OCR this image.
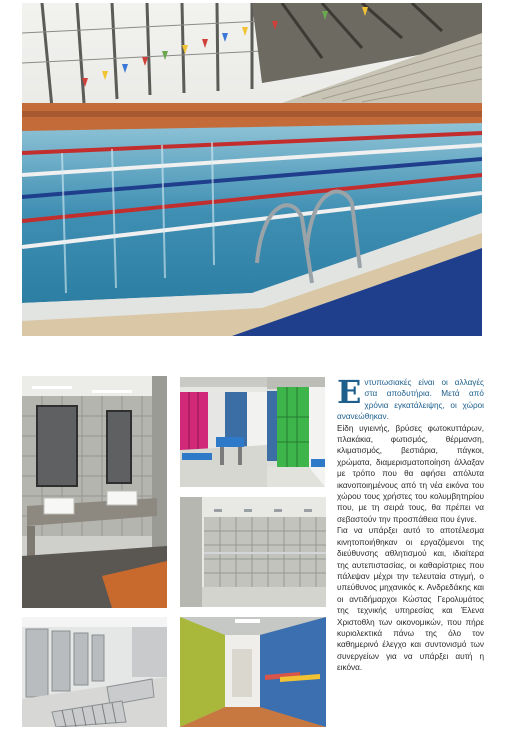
Ε ντυπωσιακές είναι οι αλλαγές στα αποδυτήρια. Μετά από χρόνια εγκατάλειψης, οι χώροι ανανεώθηκαν.

Είδη υγιεινής, βρύσες φωτοκυττάρων, πλακάκια, φωτισμός, θέρμανση, κλιματισμός, βεστιάρια, πάγκοι, χρώματα, διαμερισματοποίηση άλλαξαν με τρόπο που θα αφήσει απόλυτα ικανοποιημένους από τη νέα εικόνα του χώρου τους χρήστες του κολυμβητηρίου που, με τη σειρά τους, θα πρέπει να σεβαστούν την προσπάθεια που έγινε.

Για να υπάρξει αυτό το αποτέλεσμα κινητοποιήθηκαν οι εργαζόμενοι της διεύθυνσης αθλητισμού και, ιδιαίτερα της αυτεπιστασίας, οι καθαρίστριες που πάλεψαν μέχρι την τελευταία στιγμή, ο υπεύθυνος μηχανικός κ. Ανδρεδάκης και οι αντιδήμαρχοι Κώστας Γερολυμάτος της τεχνικής υπηρεσίας και Έλενα Χριστοθλη των οικονομικών, που πήρε κυριολεκτικά πάνω της όλο τον καθημερινό έλεγχο και συντονισμό των συνεργείων για να υπάρξει αυτή η εικόνα.
